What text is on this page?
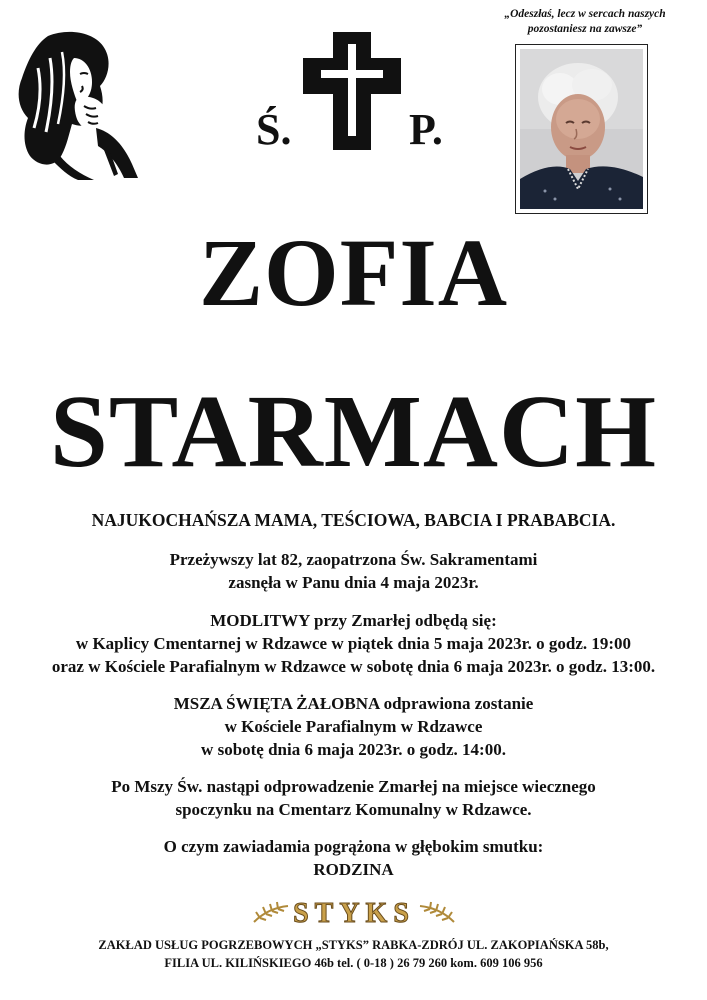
„Odeszłaś, lecz w sercach naszych
pozostaniesz na zawsze”
Ś.	P.
ZOFIA
STARMACH
NAJUKOCHAŃSZA MAMA, TEŚCIOWA, BABCIA I PRABABCIA.
Przeżywszy lat 82, zaopatrzona Św. Sakramentami
zasnęła w Panu dnia 4 maja 2023r.
MODLITWY przy Zmarłej odbędą się:
w Kaplicy Cmentarnej w Rdzawce w piątek dnia 5 maja 2023r. o godz. 19:00
oraz w Kościele Parafialnym w Rdzawce w sobotę dnia 6 maja 2023r. o godz. 13:00.
MSZA ŚWIĘTA ŻAŁOBNA odprawiona zostanie
w Kościele Parafialnym w Rdzawce
w sobotę dnia 6 maja 2023r. o godz. 14:00.
Po Mszy Św. nastąpi odprowadzenie Zmarłej na miejsce wiecznego
spoczynku na Cmentarz Komunalny w Rdzawce.
O czym zawiadamia pogrążona w głębokim smutku:
RODZINA
STYKS
ZAKŁAD USŁUG POGRZEBOWYCH „STYKS” RABKA-ZDRÓJ UL. ZAKOPIAŃSKA 58b,
FILIA UL. KILIŃSKIEGO 46b tel. ( 0-18 ) 26 79 260 kom. 609 106 956
